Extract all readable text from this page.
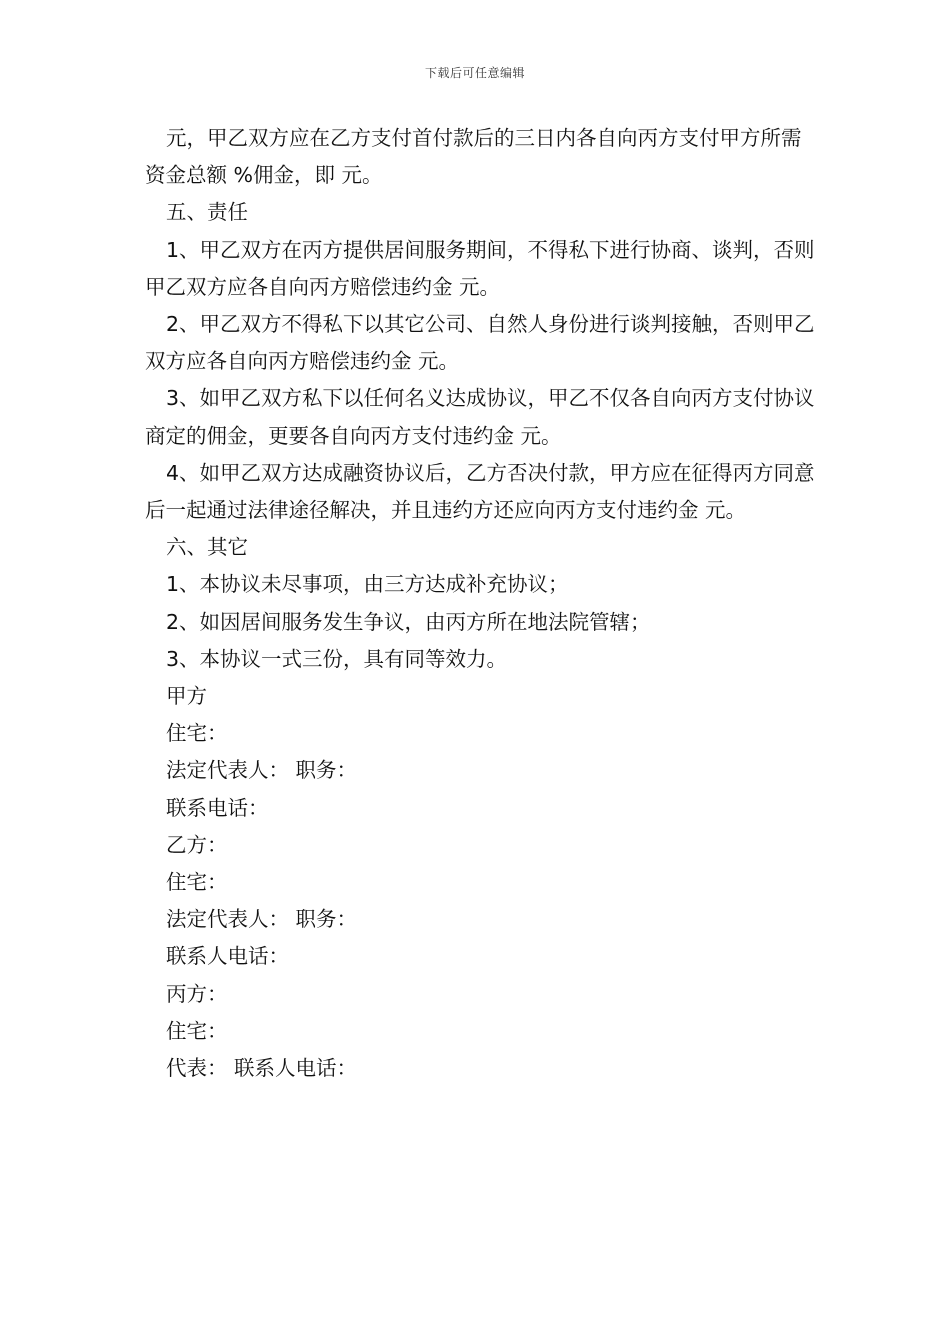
下载后可任意编辑

元，甲乙双方应在乙方支付首付款后的三日内各自向丙方支付甲方所需资金总额 %佣金，即 元。

五、责任

1、甲乙双方在丙方提供居间服务期间，不得私下进行协商、谈判，否则甲乙双方应各自向丙方赔偿违约金 元。

2、甲乙双方不得私下以其它公司、自然人身份进行谈判接触，否则甲乙双方应各自向丙方赔偿违约金 元。

3、如甲乙双方私下以任何名义达成协议，甲乙不仅各自向丙方支付协议商定的佣金，更要各自向丙方支付违约金 元。

4、如甲乙双方达成融资协议后，乙方否决付款，甲方应在征得丙方同意后一起通过法律途径解决，并且违约方还应向丙方支付违约金 元。

六、其它

1、本协议未尽事项，由三方达成补充协议；

2、如因居间服务发生争议，由丙方所在地法院管辖；

3、本协议一式三份，具有同等效力。

甲方

住宅：

法定代表人： 职务：

联系电话：

乙方：

住宅：

法定代表人： 职务：

联系人电话：

丙方：

住宅：

代表： 联系人电话：
